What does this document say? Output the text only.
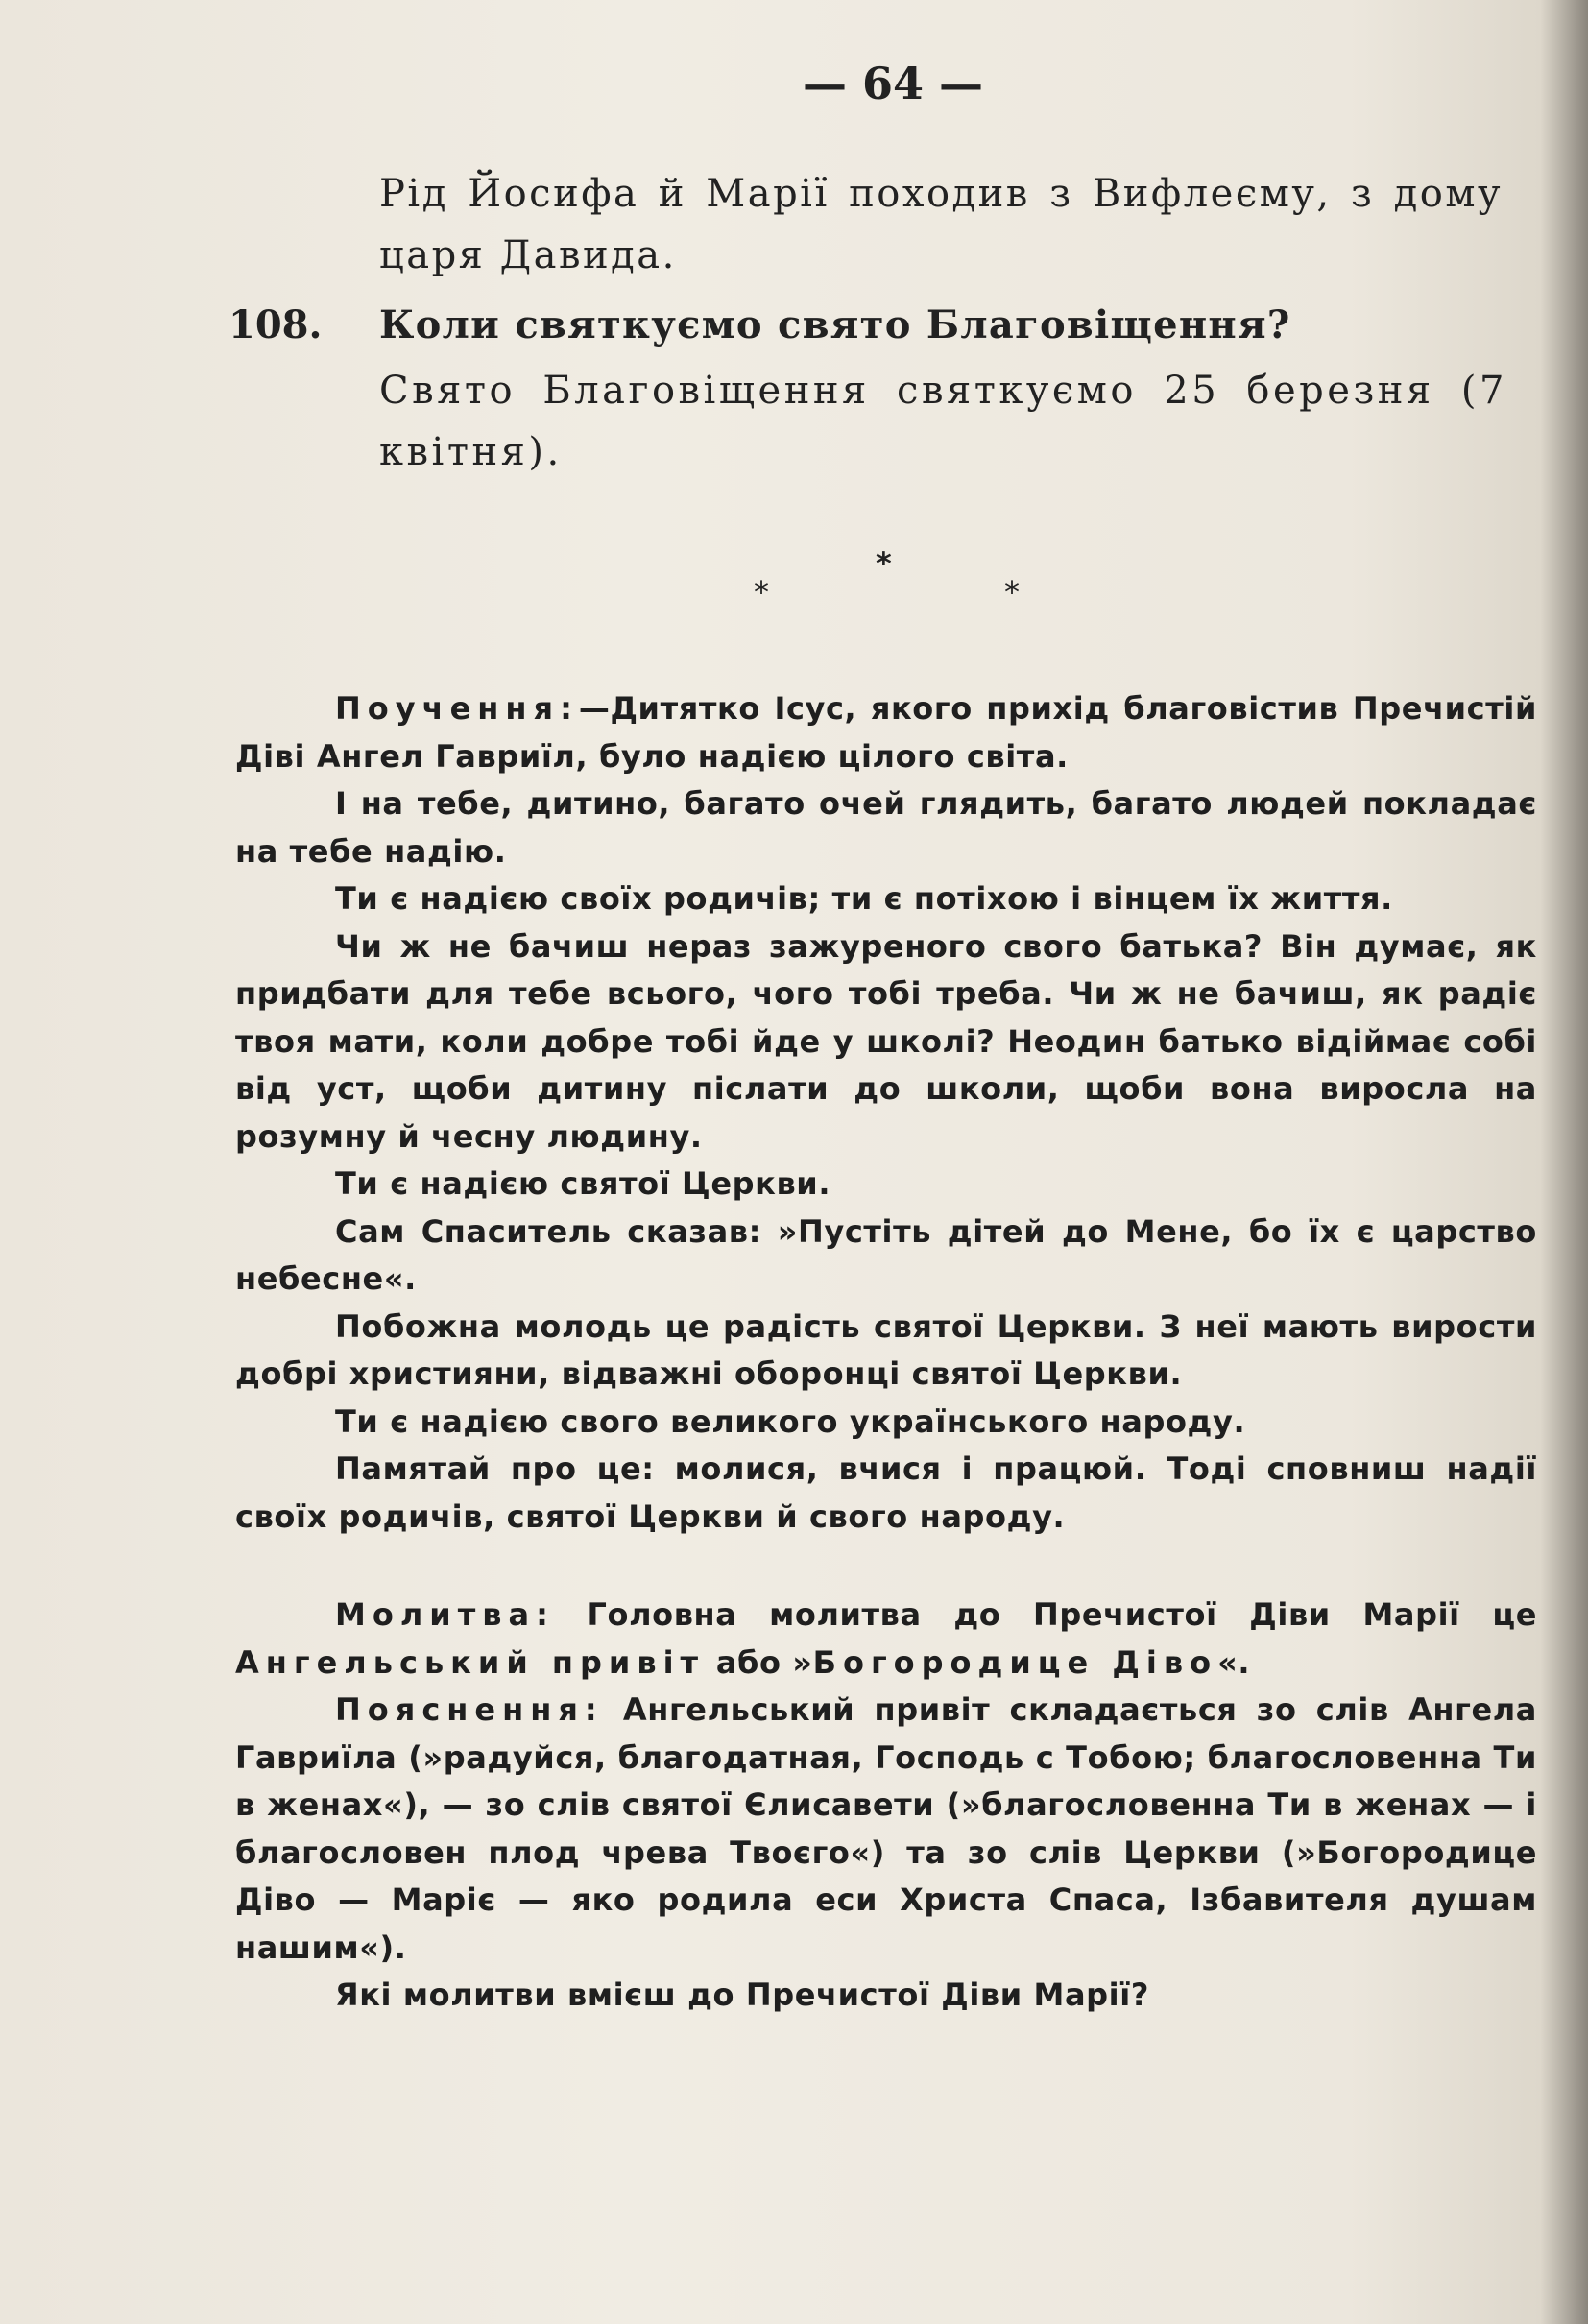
— 64 —
Рід Йосифа й Марії походив з Вифлеєму, з дому царя Давида.
108. Коли святкуємо свято Благовіщення?
Свято Благовіщення святкуємо 25 березня (7 квітня).
*
*	*

Поучення:—Дитятко Ісус, якого прихід благовістив Пречистій Діві Ангел Гавриїл, було надією цілого світа.

І на тебе, дитино, багато очей глядить, багато людей покладає на тебе надію.

Ти є надією своїх родичів; ти є потіхою і вінцем їх життя.

Чи ж не бачиш нераз зажуреного свого батька? Він думає, як придбати для тебе всього, чого тобі треба. Чи ж не бачиш, як радіє твоя мати, коли добре тобі йде у школі? Неодин батько відіймає собі від уст, щоби дитину післати до школи, щоби вона виросла на розумну й чесну людину.

Ти є надією святої Церкви.

Сам Спаситель сказав: »Пустіть дітей до Мене, бо їх є царство небесне«.

Побожна молодь це радість святої Церкви. З неї мають вирости добрі християни, відважні оборонці святої Церкви.

Ти є надією свого великого українського народу.

Памятай про це: молися, вчися і працюй. Тоді сповниш надії своїх родичів, святої Церкви й свого народу.

Молитва: Головна молитва до Пречистої Діви Марії це Ангельський привіт або »Богородице Діво«.

Пояснення: Ангельський привіт складається зо слів Ангела Гавриїла (»радуйся, благодатная, Господь с Тобою; благословенна Ти в женах«), — зо слів святої Єлисавети (»благословенна Ти в женах — і благословен плод чрева Твоєго«) та зо слів Церкви (»Богородице Діво — Маріє — яко родила еси Христа Спаса, Ізбавителя душам нашим«).

Які молитви вмієш до Пречистої Діви Марії?
